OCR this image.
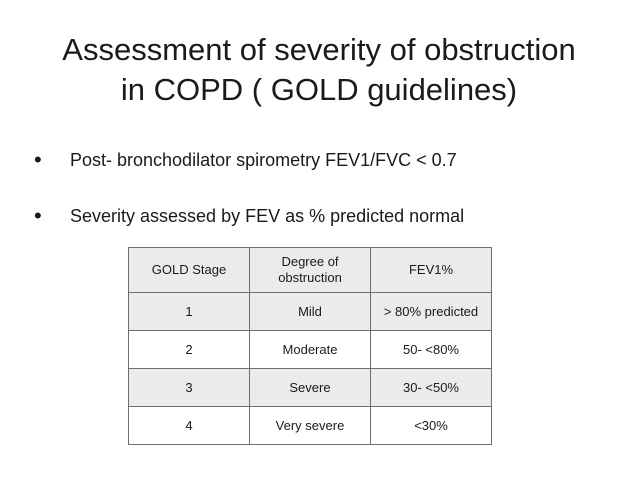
Assessment of severity of obstruction
in COPD ( GOLD guidelines)
• Post- bronchodilator spirometry FEV1/FVC < 0.7
• Severity assessed by FEV as % predicted normal
GOLD Stage	Degree of obstruction	FEV1%
1	Mild	> 80% predicted
2	Moderate	50- <80%
3	Severe	30- <50%
4	Very severe	<30%
